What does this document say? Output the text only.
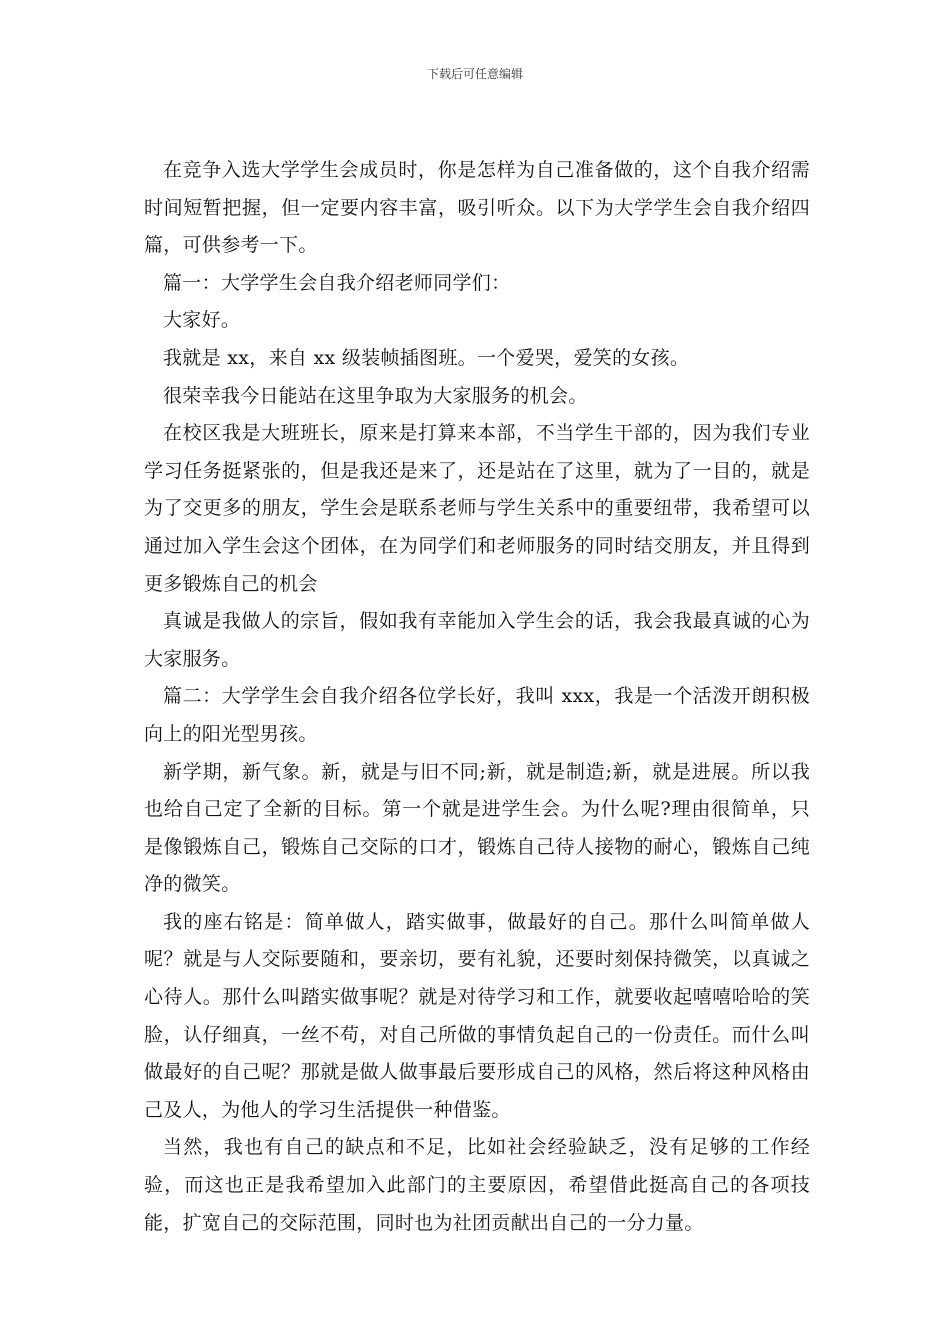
下载后可任意编辑

在竞争入选大学学生会成员时，你是怎样为自己准备做的，这个自我介绍需时间短暂把握，但一定要内容丰富，吸引听众。以下为大学学生会自我介绍四篇，可供参考一下。

篇一：大学学生会自我介绍老师同学们：

大家好。

我就是 xx，来自 xx 级装帧插图班。一个爱哭，爱笑的女孩。

很荣幸我今日能站在这里争取为大家服务的机会。

在校区我是大班班长，原来是打算来本部，不当学生干部的，因为我们专业学习任务挺紧张的，但是我还是来了，还是站在了这里，就为了一目的，就是为了交更多的朋友，学生会是联系老师与学生关系中的重要纽带，我希望可以通过加入学生会这个团体，在为同学们和老师服务的同时结交朋友，并且得到更多锻炼自己的机会

真诚是我做人的宗旨，假如我有幸能加入学生会的话，我会我最真诚的心为大家服务。

篇二：大学学生会自我介绍各位学长好，我叫 xxx，我是一个活泼开朗积极向上的阳光型男孩。

新学期，新气象。新，就是与旧不同;新，就是制造;新，就是进展。所以我也给自己定了全新的目标。第一个就是进学生会。为什么呢?理由很简单，只是像锻炼自己，锻炼自己交际的口才，锻炼自己待人接物的耐心，锻炼自己纯净的微笑。

我的座右铭是：简单做人，踏实做事，做最好的自己。那什么叫简单做人呢？就是与人交际要随和，要亲切，要有礼貌，还要时刻保持微笑，以真诚之心待人。那什么叫踏实做事呢？就是对待学习和工作，就要收起嘻嘻哈哈的笑脸，认仔细真，一丝不苟，对自己所做的事情负起自己的一份责任。而什么叫做最好的自己呢？那就是做人做事最后要形成自己的风格，然后将这种风格由己及人，为他人的学习生活提供一种借鉴。

当然，我也有自己的缺点和不足，比如社会经验缺乏，没有足够的工作经验，而这也正是我希望加入此部门的主要原因，希望借此挺高自己的各项技能，扩宽自己的交际范围，同时也为社团贡献出自己的一分力量。
